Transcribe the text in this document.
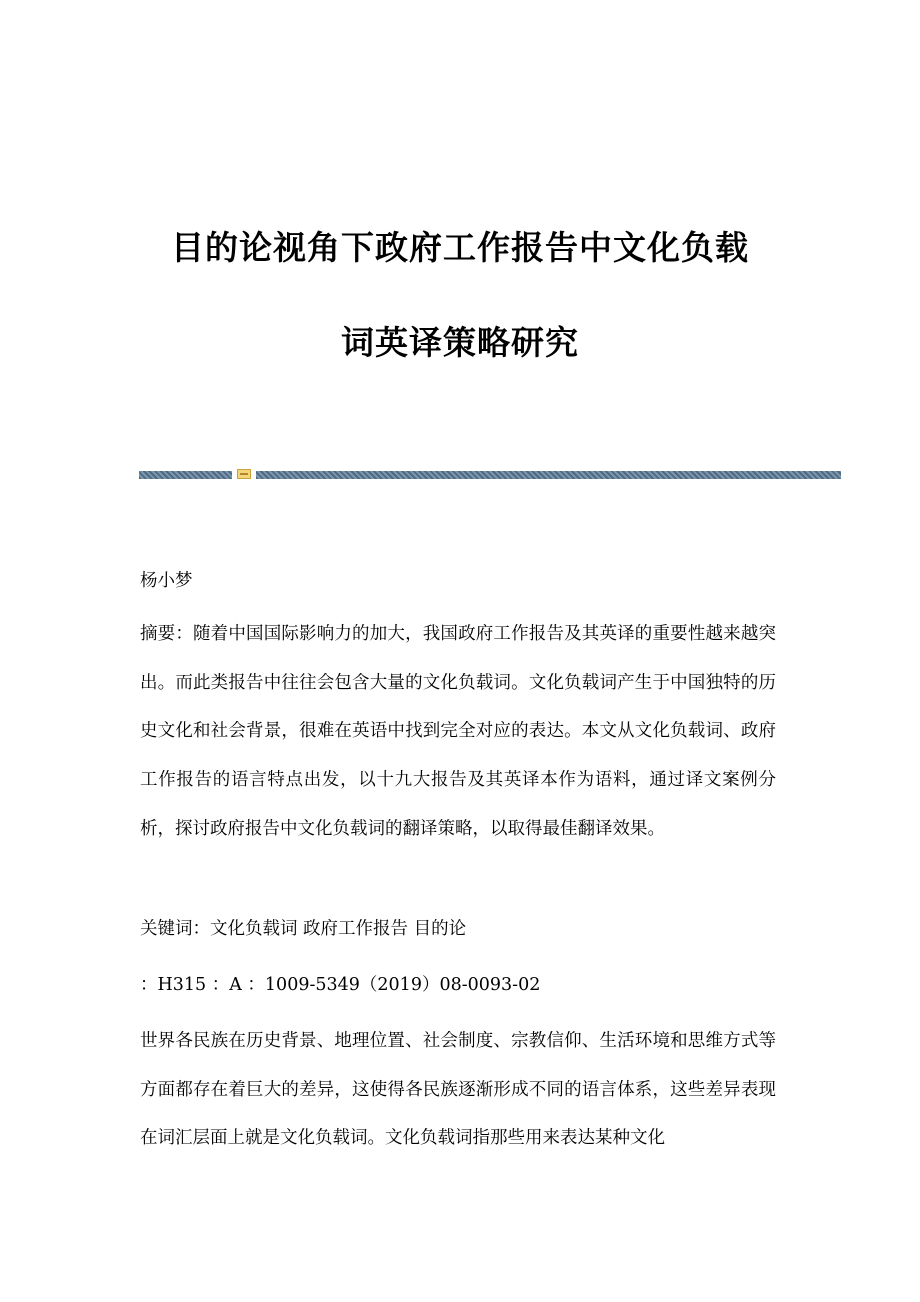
目的论视角下政府工作报告中文化负载
词英译策略研究

杨小梦

摘要：随着中国国际影响力的加大，我国政府工作报告及其英译的重要性越来越突出。而此类报告中往往会包含大量的文化负载词。文化负载词产生于中国独特的历史文化和社会背景，很难在英语中找到完全对应的表达。本文从文化负载词、政府工作报告的语言特点出发，以十九大报告及其英译本作为语料，通过译文案例分析，探讨政府报告中文化负载词的翻译策略，以取得最佳翻译效果。

关键词：文化负载词 政府工作报告 目的论

：H315 ：A ：1009-5349（2019）08-0093-02

世界各民族在历史背景、地理位置、社会制度、宗教信仰、生活环境和思维方式等方面都存在着巨大的差异，这使得各民族逐渐形成不同的语言体系，这些差异表现在词汇层面上就是文化负载词。文化负载词指那些用来表达某种文化
